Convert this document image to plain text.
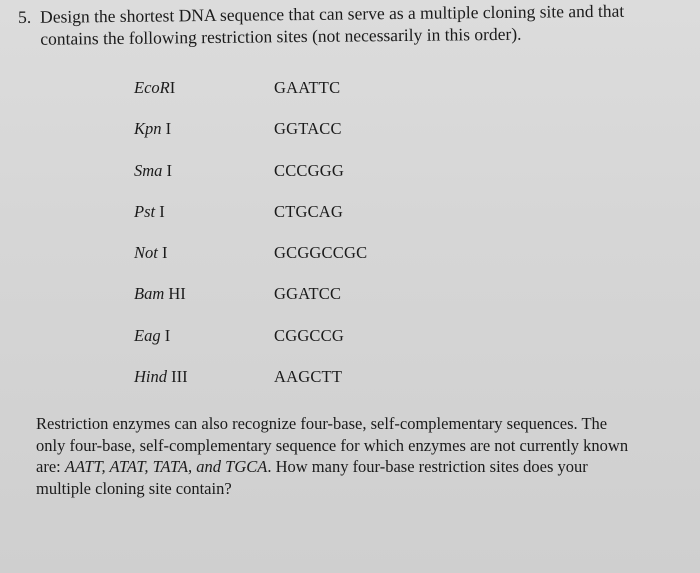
5. Design the shortest DNA sequence that can serve as a multiple cloning site and that
contains the following restriction sites (not necessarily in this order).
EcoRI	GAATTC
Kpn I	GGTACC
Sma I	CCCGGG
Pst I	CTGCAG
Not I	GCGGCCGC
Bam HI	GGATCC
Eag I	CGGCCG
Hind III	AAGCTT
Restriction enzymes can also recognize four-base, self-complementary sequences. The
only four-base, self-complementary sequence for which enzymes are not currently known
are: AATT, ATAT, TATA, and TGCA. How many four-base restriction sites does your
multiple cloning site contain?
